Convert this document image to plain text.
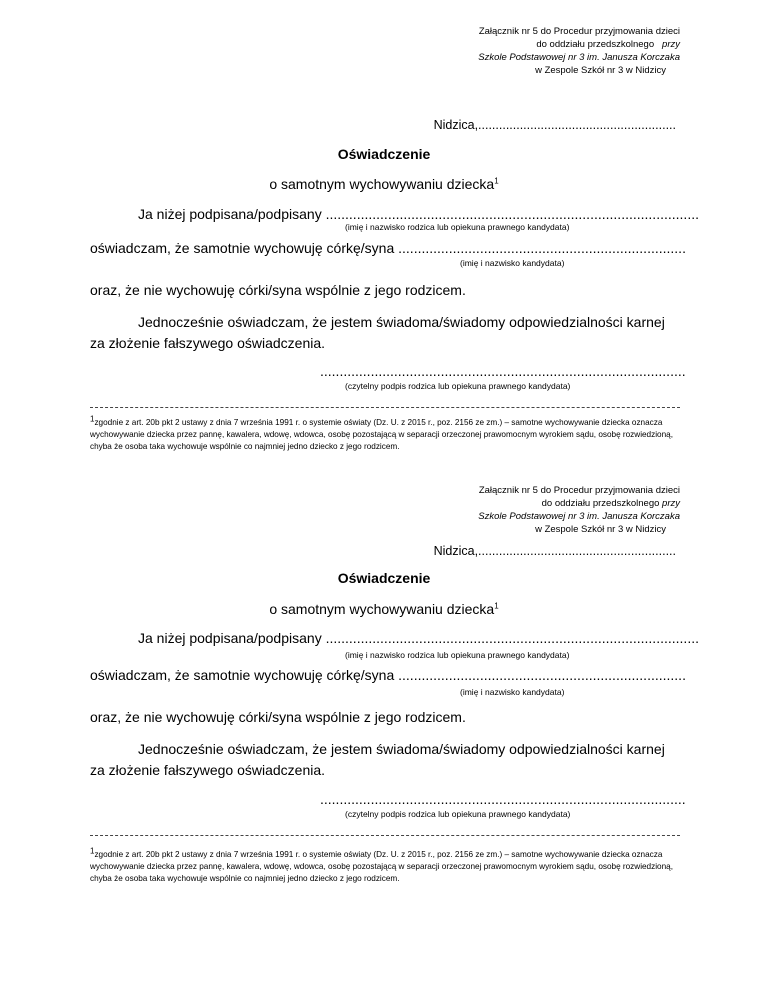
Załącznik nr 5 do Procedur przyjmowania dzieci
do oddziału przedszkolnego przy
Szkole Podstawowej nr 3 im. Janusza Korczaka
w Zespole Szkół nr 3 w Nidzicy
Nidzica,.........................................................
Oświadczenie
o samotnym wychowywaniu dziecka$^1$
Ja niżej podpisana/podpisany ................................................................................................
(imię i nazwisko rodzica lub opiekuna prawnego kandydata)
oświadczam, że samotnie wychowuję córkę/syna ..........................................................................
(imię i nazwisko kandydata)
oraz, że nie wychowuję córki/syna wspólnie z jego rodzicem.
Jednocześnie oświadczam, że jestem świadoma/świadomy odpowiedzialności karnej
za złożenie fałszywego oświadczenia.
..............................................................................................
(czytelny podpis rodzica lub opiekuna prawnego kandydata)
$^1$zgodnie z art. 20b pkt 2 ustawy z dnia 7 września 1991 r. o systemie oświaty (Dz. U. z 2015 r., poz. 2156 ze zm.) – samotne wychowywanie dziecka oznacza wychowywanie dziecka przez pannę, kawalera, wdowę, wdowca, osobę pozostającą w separacji orzeczonej prawomocnym wyrokiem sądu, osobę rozwiedzioną, chyba że osoba taka wychowuje wspólnie co najmniej jedno dziecko z jego rodzicem.
Załącznik nr 5 do Procedur przyjmowania dzieci
do oddziału przedszkolnego przy
Szkole Podstawowej nr 3 im. Janusza Korczaka
w Zespole Szkół nr 3 w Nidzicy
Nidzica,.........................................................
Oświadczenie
o samotnym wychowywaniu dziecka$^1$
Ja niżej podpisana/podpisany ................................................................................................
(imię i nazwisko rodzica lub opiekuna prawnego kandydata)
oświadczam, że samotnie wychowuję córkę/syna ..........................................................................
(imię i nazwisko kandydata)
oraz, że nie wychowuję córki/syna wspólnie z jego rodzicem.
Jednocześnie oświadczam, że jestem świadoma/świadomy odpowiedzialności karnej
za złożenie fałszywego oświadczenia.
..............................................................................................
(czytelny podpis rodzica lub opiekuna prawnego kandydata)
$^1$zgodnie z art. 20b pkt 2 ustawy z dnia 7 września 1991 r. o systemie oświaty (Dz. U. z 2015 r., poz. 2156 ze zm.) – samotne wychowywanie dziecka oznacza wychowywanie dziecka przez pannę, kawalera, wdowę, wdowca, osobę pozostającą w separacji orzeczonej prawomocnym wyrokiem sądu, osobę rozwiedzioną, chyba że osoba taka wychowuje wspólnie co najmniej jedno dziecko z jego rodzicem.
